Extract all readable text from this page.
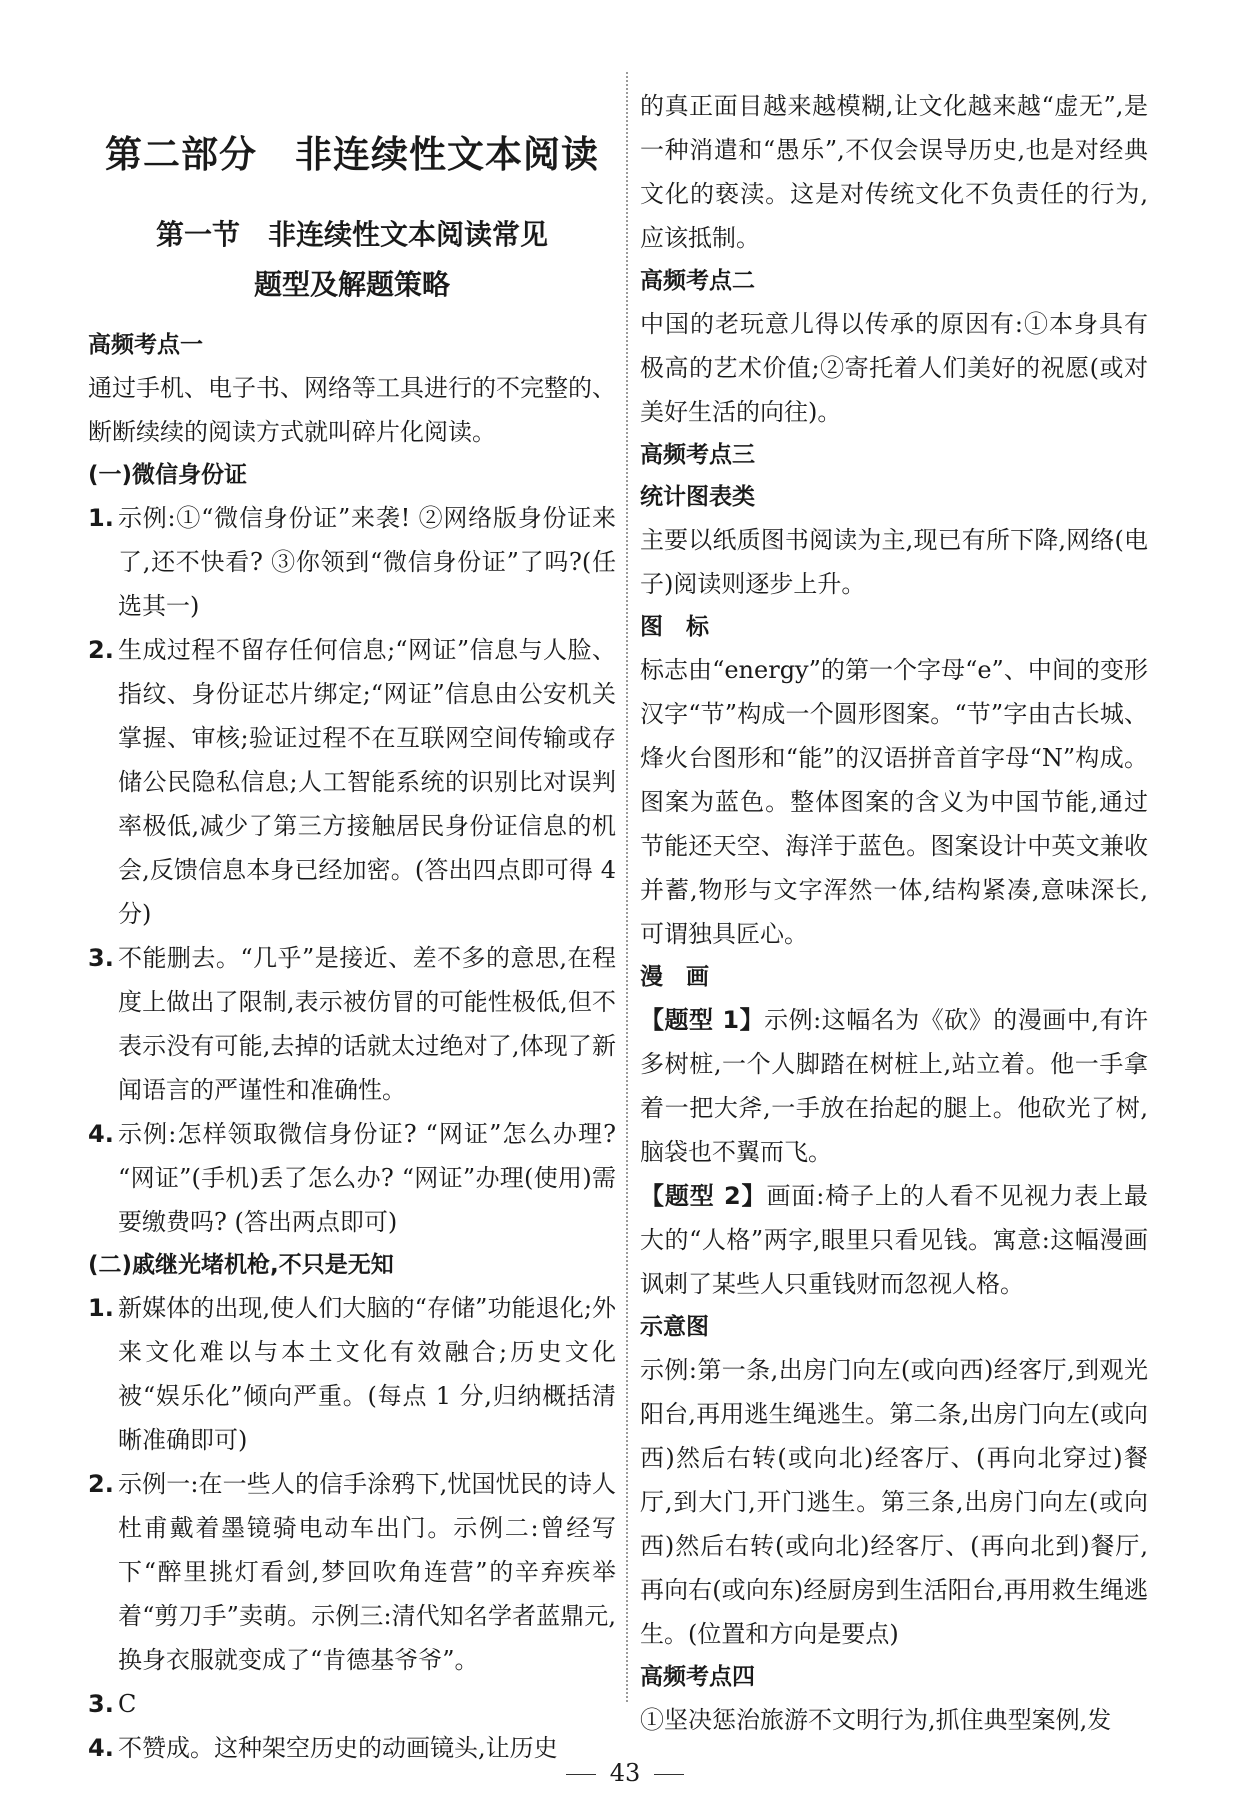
第二部分　非连续性文本阅读
第一节　非连续性文本阅读常见
题型及解题策略
高频考点一

通过手机、电子书、网络等工具进行的不完整的、断断续续的阅读方式就叫碎片化阅读。

(一)微信身份证
1. 示例:①“微信身份证”来袭! ②网络版身份证来了,还不快看? ③你领到“微信身份证”了吗?(任选其一)

2. 生成过程不留存任何信息;“网证”信息与人脸、指纹、身份证芯片绑定;“网证”信息由公安机关掌握、审核;验证过程不在互联网空间传输或存储公民隐私信息;人工智能系统的识别比对误判率极低,减少了第三方接触居民身份证信息的机会,反馈信息本身已经加密。(答出四点即可得 4 分)

3. 不能删去。“几乎”是接近、差不多的意思,在程度上做出了限制,表示被仿冒的可能性极低,但不表示没有可能,去掉的话就太过绝对了,体现了新闻语言的严谨性和准确性。

4. 示例:怎样领取微信身份证? “网证”怎么办理? “网证”(手机)丢了怎么办? “网证”办理(使用)需要缴费吗? (答出两点即可)

(二)戚继光堵机枪,不只是无知
1. 新媒体的出现,使人们大脑的“存储”功能退化;外来文化难以与本土文化有效融合;历史文化被“娱乐化”倾向严重。(每点 1 分,归纳概括清晰准确即可)

2. 示例一:在一些人的信手涂鸦下,忧国忧民的诗人杜甫戴着墨镜骑电动车出门。示例二:曾经写下“醉里挑灯看剑,梦回吹角连营”的辛弃疾举着“剪刀手”卖萌。示例三:清代知名学者蓝鼎元,换身衣服就变成了“肯德基爷爷”。

3. C

4. 不赞成。这种架空历史的动画镜头,让历史

的真正面目越来越模糊,让文化越来越“虚无”,是一种消遣和“愚乐”,不仅会误导历史,也是对经典文化的亵渎。这是对传统文化不负责任的行为,应该抵制。

高频考点二

中国的老玩意儿得以传承的原因有:①本身具有极高的艺术价值;②寄托着人们美好的祝愿(或对美好生活的向往)。

高频考点三
统计图表类

主要以纸质图书阅读为主,现已有所下降,网络(电子)阅读则逐步上升。

图　标

标志由“energy”的第一个字母“e”、中间的变形汉字“节”构成一个圆形图案。“节”字由古长城、烽火台图形和“能”的汉语拼音首字母“N”构成。图案为蓝色。整体图案的含义为中国节能,通过节能还天空、海洋于蓝色。图案设计中英文兼收并蓄,物形与文字浑然一体,结构紧凑,意味深长,可谓独具匠心。

漫　画

【题型 1】示例:这幅名为《砍》的漫画中,有许多树桩,一个人脚踏在树桩上,站立着。他一手拿着一把大斧,一手放在抬起的腿上。他砍光了树,脑袋也不翼而飞。

【题型 2】画面:椅子上的人看不见视力表上最大的“人格”两字,眼里只看见钱。寓意:这幅漫画讽刺了某些人只重钱财而忽视人格。

示意图

示例:第一条,出房门向左(或向西)经客厅,到观光阳台,再用逃生绳逃生。第二条,出房门向左(或向西)然后右转(或向北)经客厅、(再向北穿过)餐厅,到大门,开门逃生。第三条,出房门向左(或向西)然后右转(或向北)经客厅、(再向北到)餐厅,再向右(或向东)经厨房到生活阳台,再用救生绳逃生。(位置和方向是要点)

高频考点四

①坚决惩治旅游不文明行为,抓住典型案例,发

43
